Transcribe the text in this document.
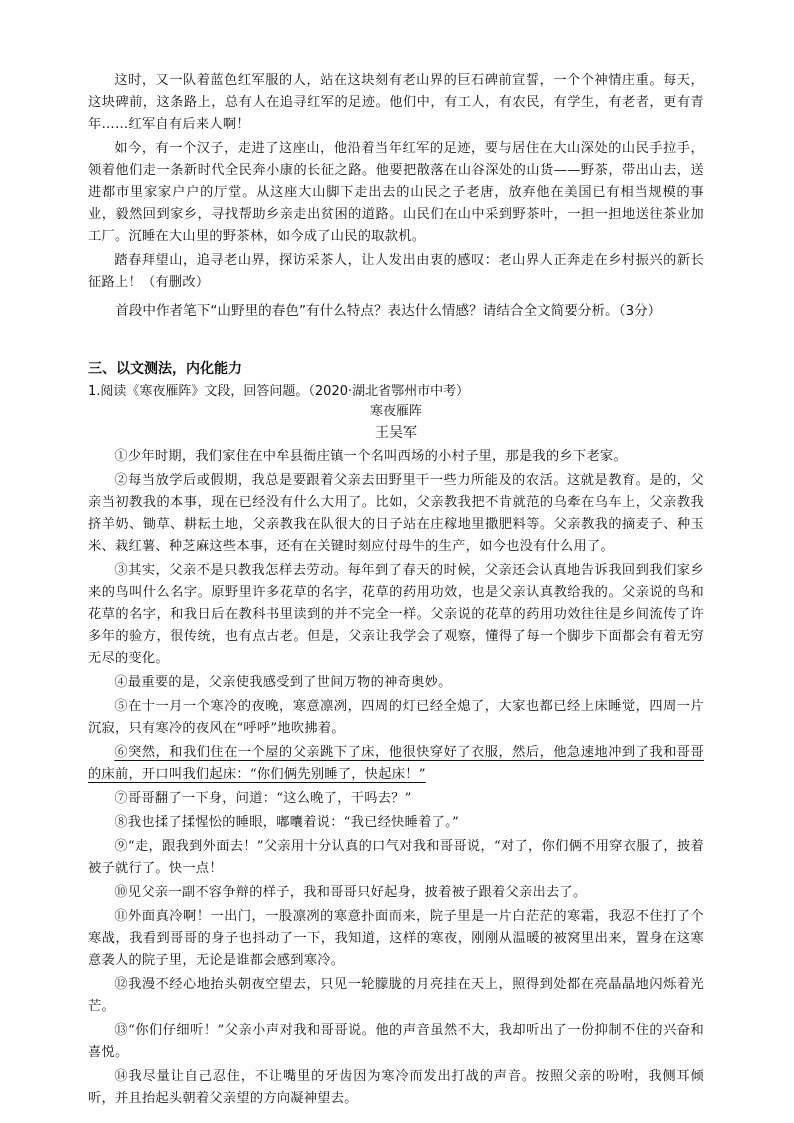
这时，又一队着蓝色红军服的人，站在这块刻有老山界的巨石碑前宣誓，一个个神情庄重。每天，这块碑前，这条路上，总有人在追寻红军的足迹。他们中，有工人，有农民，有学生，有老者，更有青年……红军自有后来人啊！

如今，有一个汉子，走进了这座山，他沿着当年红军的足迹，要与居住在大山深处的山民手拉手，领着他们走一条新时代全民奔小康的长征之路。他要把散落在山谷深处的山货——野茶，带出山去，送进都市里家家户户的厅堂。从这座大山脚下走出去的山民之子老唐，放弃他在美国已有相当规模的事业，毅然回到家乡，寻找帮助乡亲走出贫困的道路。山民们在山中采到野茶叶，一担一担地送往茶业加工厂。沉睡在大山里的野茶林，如今成了山民的取款机。

踏春拜望山，追寻老山界，探访采茶人，让人发出由衷的感叹：老山界人正奔走在乡村振兴的新长征路上！（有删改）

首段中作者笔下“山野里的春色”有什么特点？表达什么情感？请结合全文简要分析。（3分）

三、以文测法，内化能力

1.阅读《寒夜雁阵》文段，回答问题。（2020·湖北省鄂州市中考）

寒夜雁阵

王吴军

①少年时期，我们家住在中牟县衙庄镇一个名叫西场的小村子里，那是我的乡下老家。

②每当放学后或假期，我总是要跟着父亲去田野里干一些力所能及的农活。这就是教育。是的，父亲当初教我的本事，现在已经没有什么大用了。比如，父亲教我把不肯就范的乌牽在乌车上，父亲教我挤羊奶、锄草、耕耘土地，父亲教我在队很大的日子站在庄稼地里撒肥料等。父亲教我的摘麦子、种玉米、栽红薯、种芝麻这些本事，还有在关键时刻应付母牛的生产，如今也没有什么用了。

③其实，父亲不是只教我怎样去劳动。每年到了春天的时候，父亲还会认真地告诉我回到我们家乡来的鸟叫什么名字。原野里许多花草的名字，花草的药用功效，也是父亲认真教给我的。父亲说的鸟和花草的名字，和我日后在教科书里读到的并不完全一样。父亲说的花草的药用功效往往是乡间流传了许多年的验方，很传统，也有点古老。但是，父亲让我学会了观察，懂得了每一个脚步下面都会有着无穷无尽的变化。

④最重要的是，父亲使我感受到了世间万物的神奇奥妙。

⑤在十一月一个寒冷的夜晚，寒意凛冽，四周的灯已经全熄了，大家也都已经上床睡觉，四周一片沉寂，只有寒冷的夜风在“呼呼”地吹拂着。

⑥突然，和我们住在一个屋的父亲跳下了床，他很快穿好了衣服，然后，他急速地冲到了我和哥哥的床前，开口叫我们起床：“你们俩先别睡了，快起床！”

⑦哥哥翻了一下身，问道：“这么晚了，干吗去？”

⑧我也揉了揉惺忪的睡眼，嘟囔着说：“我已经快睡着了。”

⑨“走，跟我到外面去！”父亲用十分认真的口气对我和哥哥说，“对了，你们俩不用穿衣服了，披着被子就行了。快一点！

⑩见父亲一副不容争辩的样子，我和哥哥只好起身，披着被子跟着父亲出去了。

⑪外面真冷啊！一出门，一股凛冽的寒意扑面而来，院子里是一片白茫茫的寒霜，我忍不住打了个寒战，我看到哥哥的身子也抖动了一下，我知道，这样的寒夜，刚刚从温暖的被窝里出来，置身在这寒意袭人的院子里，无论是谁都会感到寒冷。

⑫我漫不经心地抬头朝夜空望去，只见一轮朦胧的月亮挂在天上，照得到处都在亮晶晶地闪烁着光芒。

⑬“你们仔细听！”父亲小声对我和哥哥说。他的声音虽然不大，我却听出了一份抑制不住的兴奋和喜悦。

⑭我尽量让自己忍住，不让嘴里的牙齿因为寒冷而发出打战的声音。按照父亲的吩咐，我侧耳倾听，并且抬起头朝着父亲望的方向凝神望去。
